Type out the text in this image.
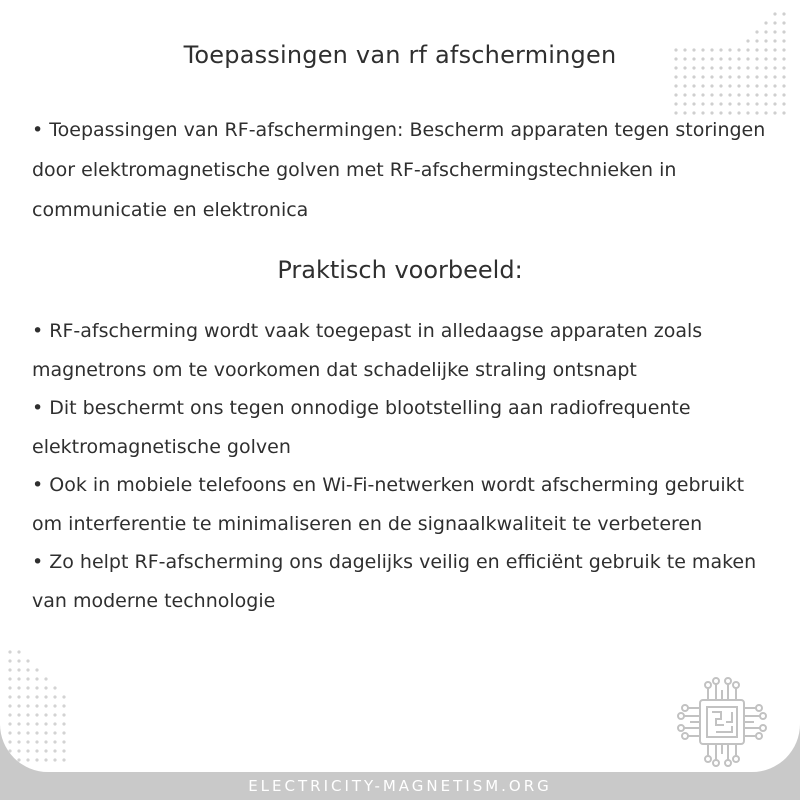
Toepassingen van rf afschermingen

• Toepassingen van RF-afschermingen: Bescherm apparaten tegen storingen door elektromagnetische golven met RF-afschermingstechnieken in communicatie en elektronica

Praktisch voorbeeld:
• RF-afscherming wordt vaak toegepast in alledaagse apparaten zoals magnetrons om te voorkomen dat schadelijke straling ontsnapt
• Dit beschermt ons tegen onnodige blootstelling aan radiofrequente elektromagnetische golven
• Ook in mobiele telefoons en Wi-Fi-netwerken wordt afscherming gebruikt om interferentie te minimaliseren en de signaalkwaliteit te verbeteren
• Zo helpt RF-afscherming ons dagelijks veilig en efficiënt gebruik te maken van moderne technologie
ELECTRICITY-MAGNETISM.ORG
